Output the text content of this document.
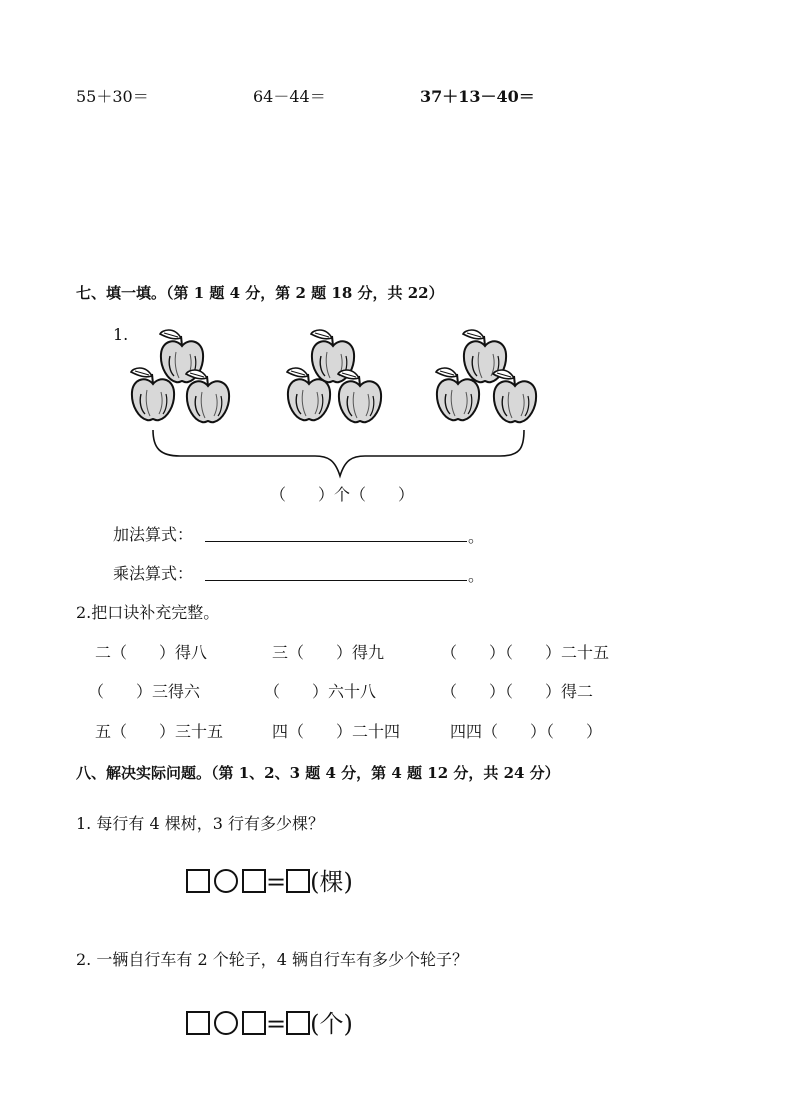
55＋30＝	64－44＝	37＋13－40＝
七、填一填。（第 1 题 4 分，第 2 题 18 分，共 22）
1.
（　　）个（　　）
加法算式：	。
乘法算式：	。
2.把口诀补充完整。
二（　　）得八	三（　　）得九	（　　）（　　）二十五
（　　）三得六	（　　）六十八	（　　）（　　）得二
五（　　）三十五	四（　　）二十四	四四（　　）（　　）
八、解决实际问题。（第 1、2、3 题 4 分，第 4 题 12 分，共 24 分）
1. 每行有 4 棵树，3 行有多少棵？
= (棵)
2. 一辆自行车有 2 个轮子，4 辆自行车有多少个轮子？
= (个)
